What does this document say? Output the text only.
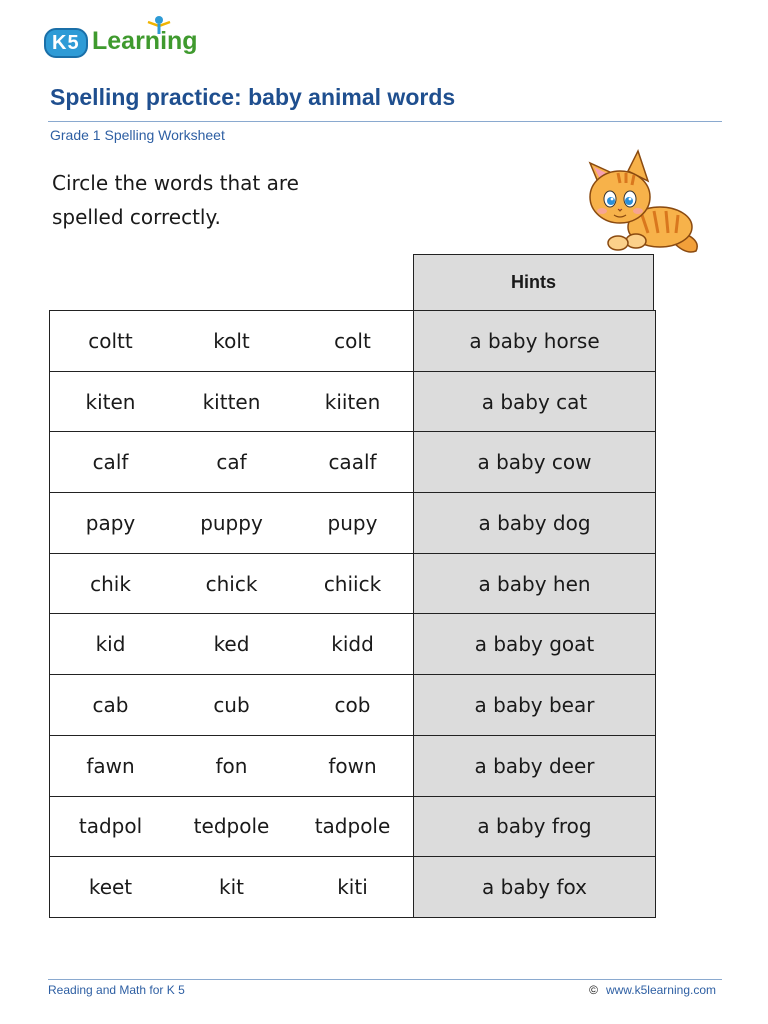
K5 Learning
Spelling practice: baby animal words
Grade 1 Spelling Worksheet
Circle the words that are
spelled correctly.
Hints
coltt	kolt	colt	a baby horse
kiten	kitten	kiiten	a baby cat
calf	caf	caalf	a baby cow
papy	puppy	pupy	a baby dog
chik	chick	chiick	a baby hen
kid	ked	kidd	a baby goat
cab	cub	cob	a baby bear
fawn	fon	fown	a baby deer
tadpol	tedpole	tadpole	a baby frog
keet	kit	kiti	a baby fox
Reading and Math for K 5	© www.k5learning.com
